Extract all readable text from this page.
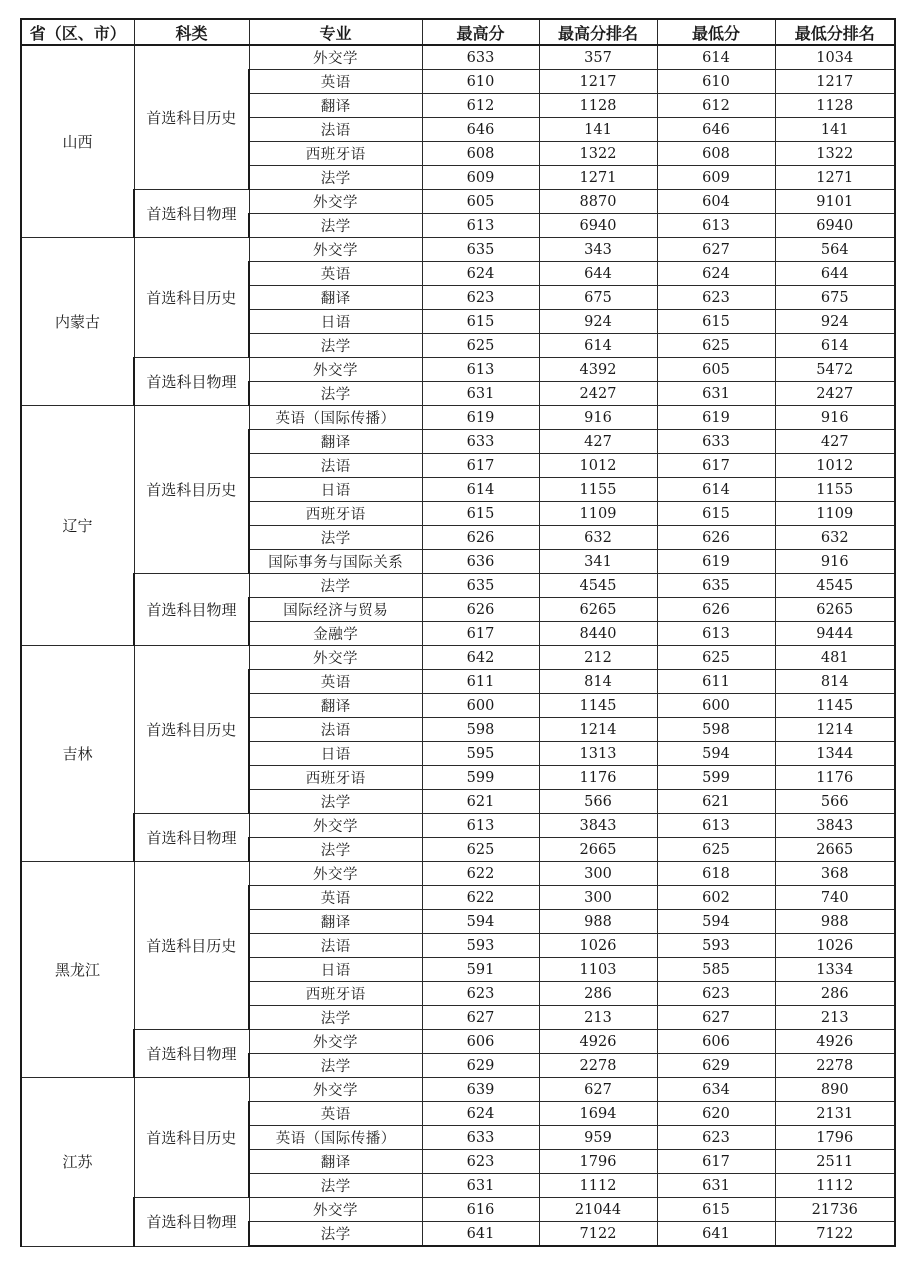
省（区、市）	科类	专业	最高分	最高分排名	最低分	最低分排名
山西	首选科目历史	外交学	633	357	614	1034
		英语	610	1217	610	1217
		翻译	612	1128	612	1128
		法语	646	141	646	141
		西班牙语	608	1322	608	1322
		法学	609	1271	609	1271
	首选科目物理	外交学	605	8870	604	9101
		法学	613	6940	613	6940
内蒙古	首选科目历史	外交学	635	343	627	564
		英语	624	644	624	644
		翻译	623	675	623	675
		日语	615	924	615	924
		法学	625	614	625	614
	首选科目物理	外交学	613	4392	605	5472
		法学	631	2427	631	2427
辽宁	首选科目历史	英语（国际传播）	619	916	619	916
		翻译	633	427	633	427
		法语	617	1012	617	1012
		日语	614	1155	614	1155
		西班牙语	615	1109	615	1109
		法学	626	632	626	632
		国际事务与国际关系	636	341	619	916
	首选科目物理	法学	635	4545	635	4545
		国际经济与贸易	626	6265	626	6265
		金融学	617	8440	613	9444
吉林	首选科目历史	外交学	642	212	625	481
		英语	611	814	611	814
		翻译	600	1145	600	1145
		法语	598	1214	598	1214
		日语	595	1313	594	1344
		西班牙语	599	1176	599	1176
		法学	621	566	621	566
	首选科目物理	外交学	613	3843	613	3843
		法学	625	2665	625	2665
黑龙江	首选科目历史	外交学	622	300	618	368
		英语	622	300	602	740
		翻译	594	988	594	988
		法语	593	1026	593	1026
		日语	591	1103	585	1334
		西班牙语	623	286	623	286
		法学	627	213	627	213
	首选科目物理	外交学	606	4926	606	4926
		法学	629	2278	629	2278
江苏	首选科目历史	外交学	639	627	634	890
		英语	624	1694	620	2131
		英语（国际传播）	633	959	623	1796
		翻译	623	1796	617	2511
		法学	631	1112	631	1112
	首选科目物理	外交学	616	21044	615	21736
		法学	641	7122	641	7122
